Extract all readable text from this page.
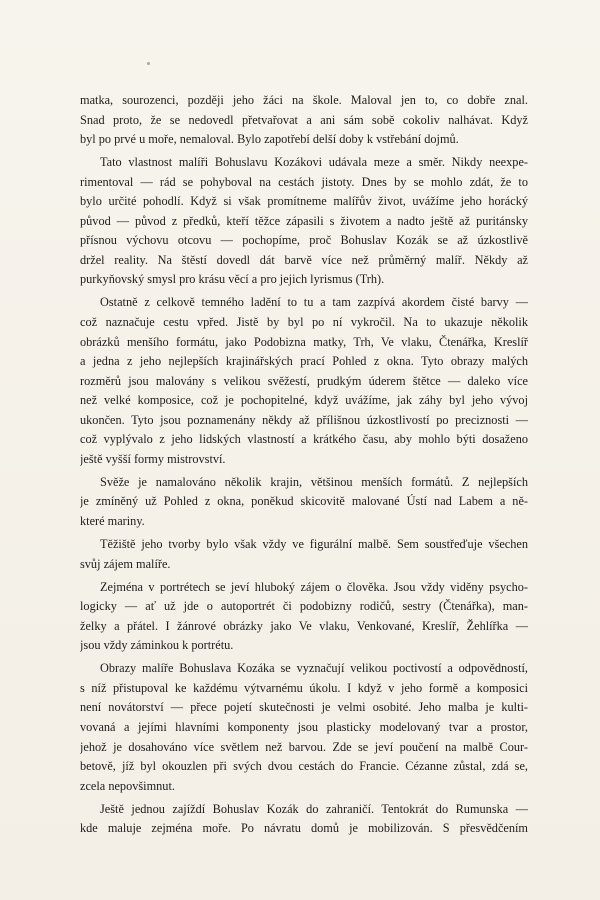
matka, sourozenci, později jeho žáci na škole. Maloval jen to, co dobře znal.
Snad proto, že se nedovedl přetvařovat a ani sám sobě cokoliv nalhávat. Když
byl po prvé u moře, nemaloval. Bylo zapotřebí delší doby k vstřebání dojmů.
Tato vlastnost malíři Bohuslavu Kozákovi udávala meze a směr. Nikdy neexpe-
rimentoval — rád se pohyboval na cestách jistoty. Dnes by se mohlo zdát, že to
bylo určité pohodlí. Když si však promítneme malířův život, uvážíme jeho horácký
původ — původ z předků, kteří těžce zápasili s životem a nadto ještě až puritánsky
přísnou výchovu otcovu — pochopíme, proč Bohuslav Kozák se až úzkostlivě
držel reality. Na štěstí dovedl dát barvě více než průměrný malíř. Někdy až
purkyňovský smysl pro krásu věcí a pro jejich lyrismus (Trh).
Ostatně z celkově temného ladění to tu a tam zazpívá akordem čisté barvy —
což naznačuje cestu vpřed. Jistě by byl po ní vykročil. Na to ukazuje několik
obrázků menšího formátu, jako Podobizna matky, Trh, Ve vlaku, Čtenářka, Kreslíř
a jedna z jeho nejlepších krajinářských prací Pohled z okna. Tyto obrazy malých
rozměrů jsou malovány s velikou svěžestí, prudkým úderem štětce — daleko více
než velké komposice, což je pochopitelné, když uvážíme, jak záhy byl jeho vývoj
ukončen. Tyto jsou poznamenány někdy až přílišnou úzkostlivostí po preciznosti —
což vyplývalo z jeho lidských vlastností a krátkého času, aby mohlo býti dosaženo
ještě vyšší formy mistrovství.
Svěže je namalováno několik krajin, většinou menších formátů. Z nejlepších
je zmíněný už Pohled z okna, poněkud skicovitě malované Ústí nad Labem a ně-
které mariny.
Těžiště jeho tvorby bylo však vždy ve figurální malbě. Sem soustřeďuje všechen
svůj zájem malíře.
Zejména v portrétech se jeví hluboký zájem o člověka. Jsou vždy viděny psycho-
logicky — ať už jde o autoportrét či podobizny rodičů, sestry (Čtenářka), man-
želky a přátel. I žánrové obrázky jako Ve vlaku, Venkované, Kreslíř, Žehlířka —
jsou vždy záminkou k portrétu.
Obrazy malíře Bohuslava Kozáka se vyznačují velikou poctivostí a odpovědností,
s níž přistupoval ke každému výtvarnému úkolu. I když v jeho formě a komposici
není novátorství — přece pojetí skutečnosti je velmi osobité. Jeho malba je kulti-
vovaná a jejími hlavními komponenty jsou plasticky modelovaný tvar a prostor,
jehož je dosahováno více světlem než barvou. Zde se jeví poučení na malbě Cour-
betově, jíž byl okouzlen při svých dvou cestách do Francie. Cézanne zůstal, zdá se,
zcela nepovšimnut.
Ještě jednou zajíždí Bohuslav Kozák do zahraničí. Tentokrát do Rumunska —
kde maluje zejména moře. Po návratu domů je mobilizován. S přesvědčením
